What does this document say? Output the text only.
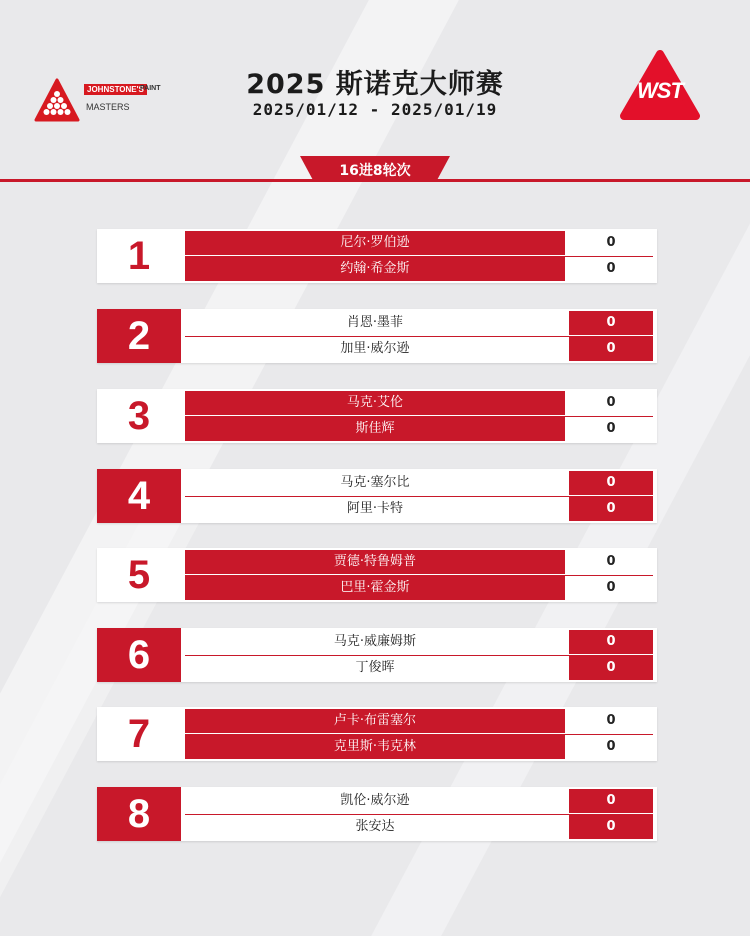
JOHNSTONE'S
PAINT
MASTERS
2025 斯诺克大师赛
2025/01/12 - 2025/01/19
WST
16进8轮次
1	尼尔·罗伯逊	0
约翰·希金斯	0
2	肖恩·墨菲	0
加里·威尔逊	0
3	马克·艾伦	0
斯佳辉	0
4	马克·塞尔比	0
阿里·卡特	0
5	贾德·特鲁姆普	0
巴里·霍金斯	0
6	马克·威廉姆斯	0
丁俊晖	0
7	卢卡·布雷塞尔	0
克里斯·韦克林	0
8	凯伦·威尔逊	0
张安达	0
